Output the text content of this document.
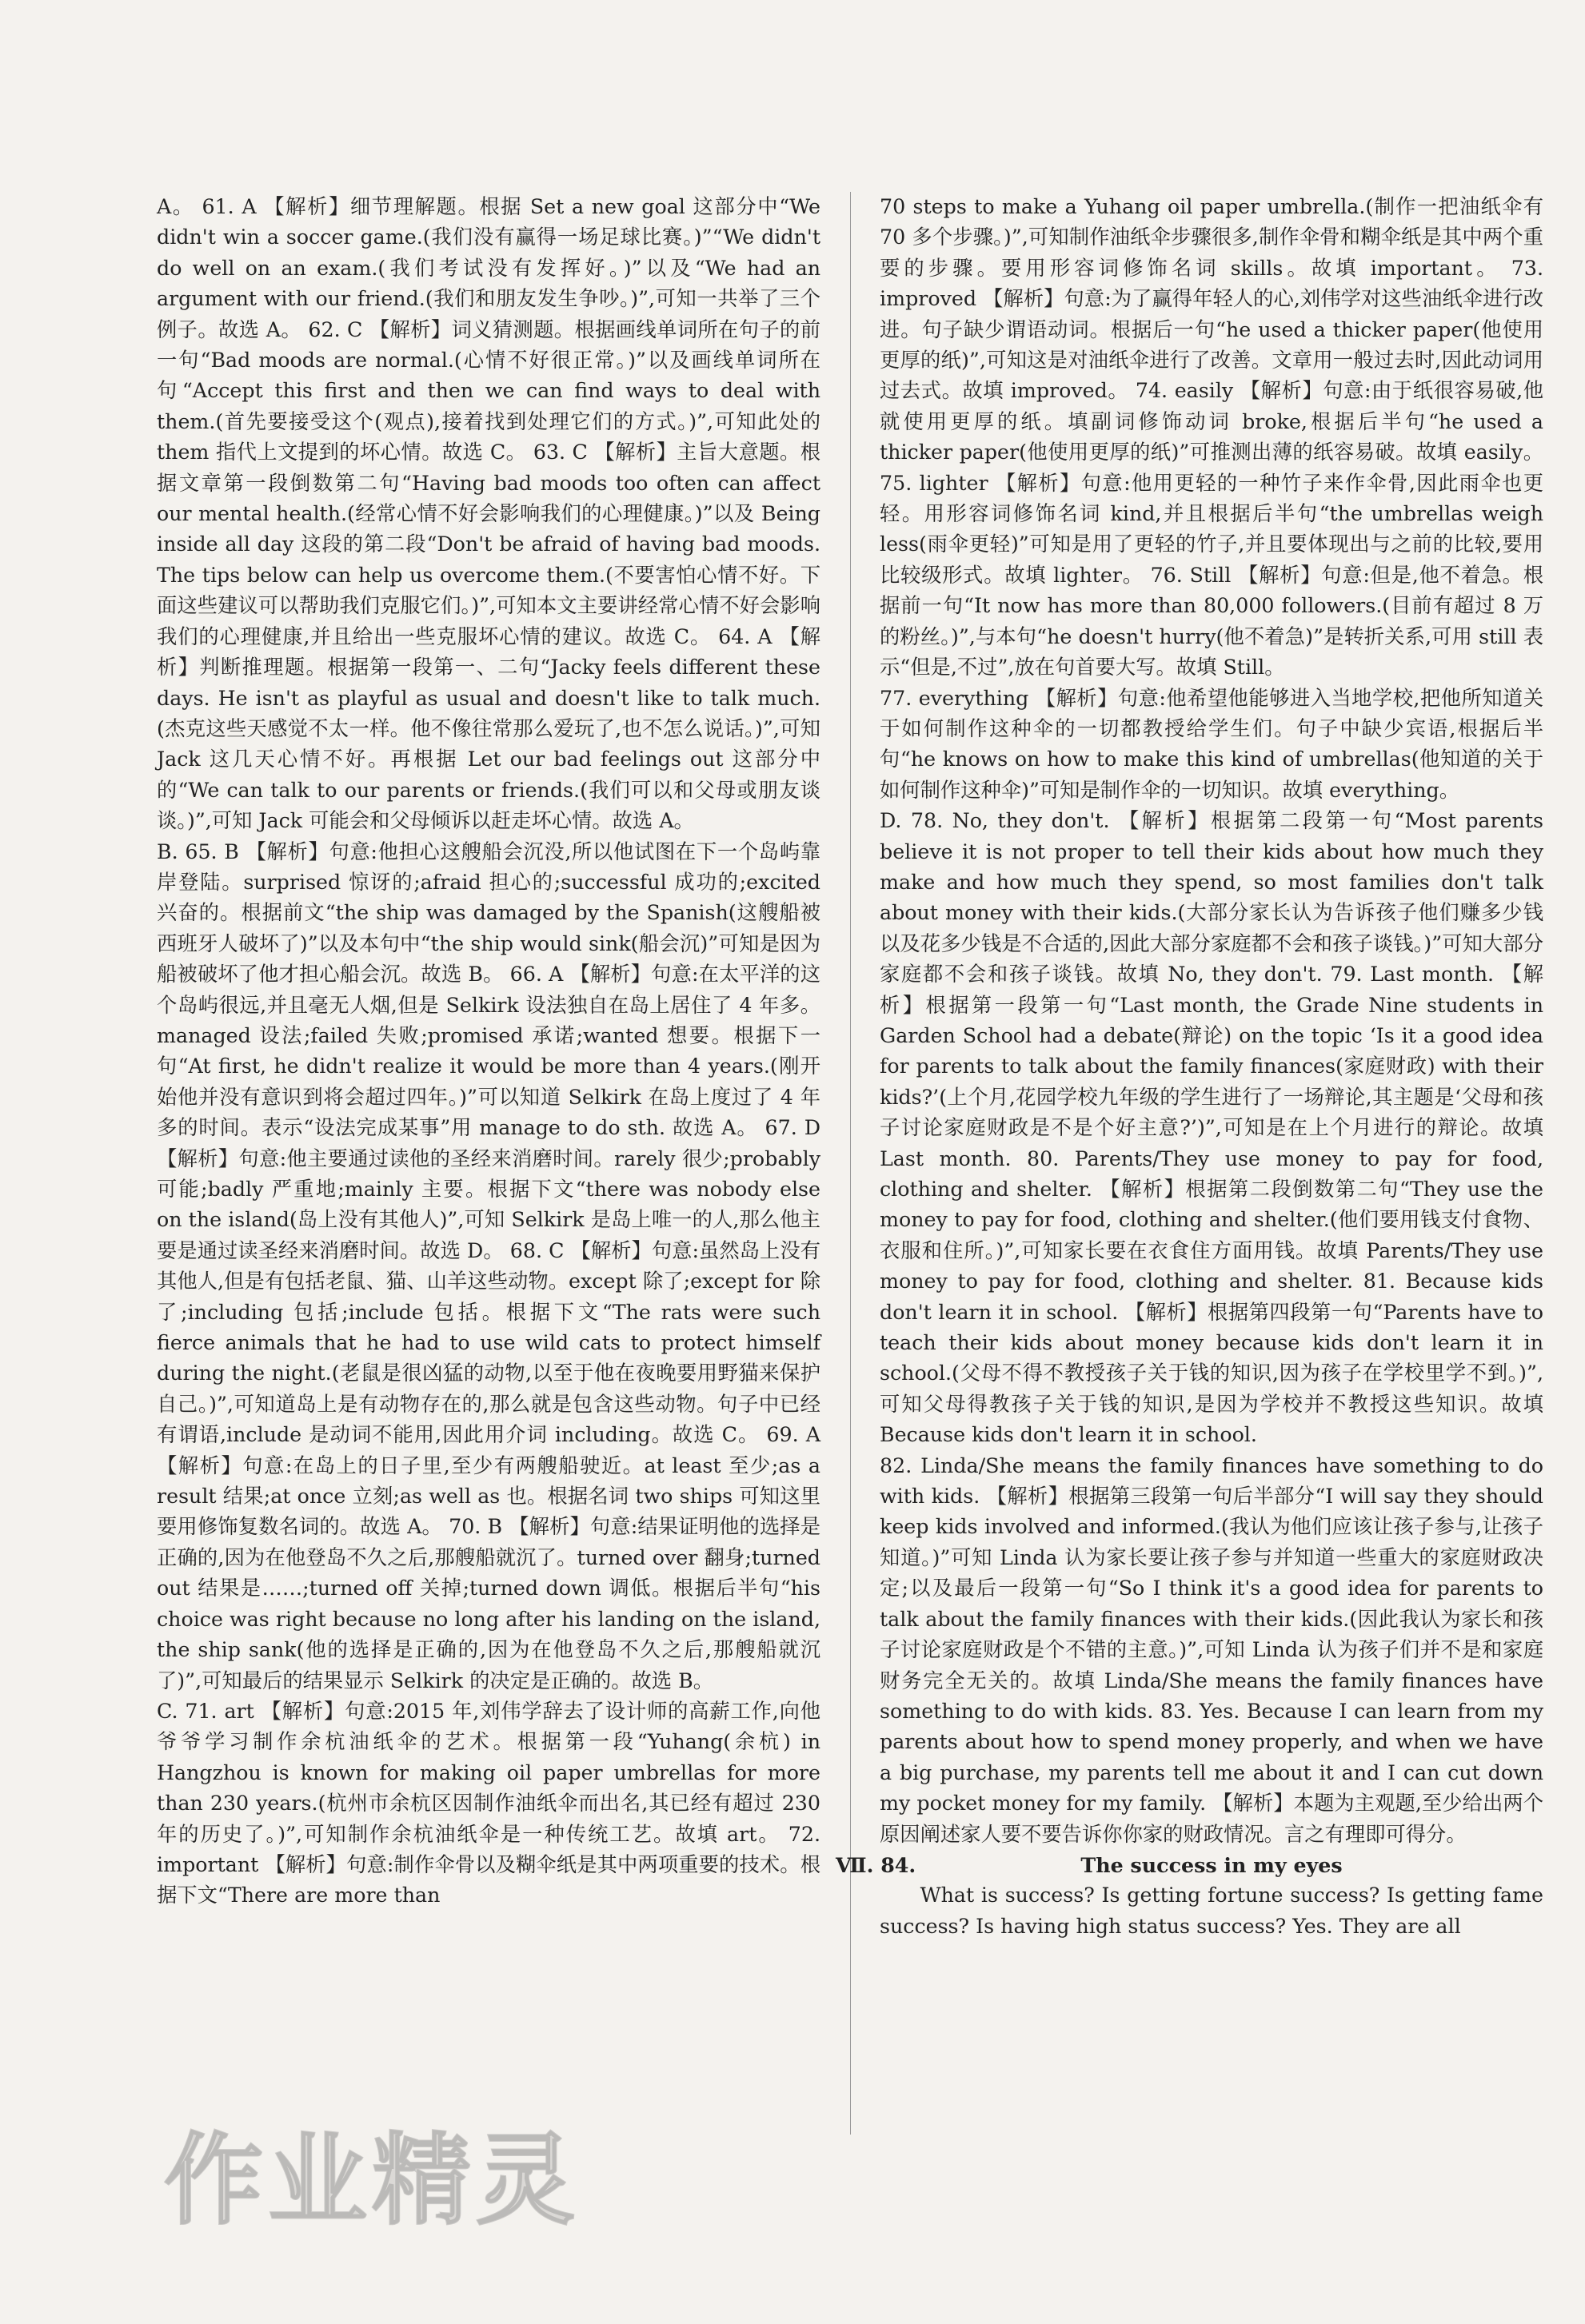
A。 61. A 【解析】细节理解题。根据 Set a new goal 这部分中“We didn't win a soccer game.(我们没有赢得一场足球比赛。)”“We didn't do well on an exam.(我们考试没有发挥好。)”以及“We had an argument with our friend.(我们和朋友发生争吵。)”,可知一共举了三个例子。故选 A。 62. C 【解析】词义猜测题。根据画线单词所在句子的前一句“Bad moods are normal.(心情不好很正常。)”以及画线单词所在句“Accept this first and then we can find ways to deal with them.(首先要接受这个(观点),接着找到处理它们的方式。)”,可知此处的 them 指代上文提到的坏心情。故选 C。 63. C 【解析】主旨大意题。根据文章第一段倒数第二句“Having bad moods too often can affect our mental health.(经常心情不好会影响我们的心理健康。)”以及 Being inside all day 这段的第二段“Don't be afraid of having bad moods. The tips below can help us overcome them.(不要害怕心情不好。下面这些建议可以帮助我们克服它们。)”,可知本文主要讲经常心情不好会影响我们的心理健康,并且给出一些克服坏心情的建议。故选 C。 64. A 【解析】判断推理题。根据第一段第一、二句“Jacky feels different these days. He isn't as playful as usual and doesn't like to talk much.(杰克这些天感觉不太一样。他不像往常那么爱玩了,也不怎么说话。)”,可知 Jack 这几天心情不好。再根据 Let our bad feelings out 这部分中的“We can talk to our parents or friends.(我们可以和父母或朋友谈谈。)”,可知 Jack 可能会和父母倾诉以赶走坏心情。故选 A。

B. 65. B 【解析】句意:他担心这艘船会沉没,所以他试图在下一个岛屿靠岸登陆。surprised 惊讶的;afraid 担心的;successful 成功的;excited 兴奋的。根据前文“the ship was damaged by the Spanish(这艘船被西班牙人破坏了)”以及本句中“the ship would sink(船会沉)”可知是因为船被破坏了他才担心船会沉。故选 B。 66. A 【解析】句意:在太平洋的这个岛屿很远,并且毫无人烟,但是 Selkirk 设法独自在岛上居住了 4 年多。managed 设法;failed 失败;promised 承诺;wanted 想要。根据下一句“At first, he didn't realize it would be more than 4 years.(刚开始他并没有意识到将会超过四年。)”可以知道 Selkirk 在岛上度过了 4 年多的时间。表示“设法完成某事”用 manage to do sth. 故选 A。 67. D 【解析】句意:他主要通过读他的圣经来消磨时间。rarely 很少;probably 可能;badly 严重地;mainly 主要。根据下文“there was nobody else on the island(岛上没有其他人)”,可知 Selkirk 是岛上唯一的人,那么他主要是通过读圣经来消磨时间。故选 D。 68. C 【解析】句意:虽然岛上没有其他人,但是有包括老鼠、猫、山羊这些动物。except 除了;except for 除了;including 包括;include 包括。根据下文“The rats were such fierce animals that he had to use wild cats to protect himself during the night.(老鼠是很凶猛的动物,以至于他在夜晚要用野猫来保护自己。)”,可知道岛上是有动物存在的,那么就是包含这些动物。句子中已经有谓语,include 是动词不能用,因此用介词 including。故选 C。 69. A 【解析】句意:在岛上的日子里,至少有两艘船驶近。at least 至少;as a result 结果;at once 立刻;as well as 也。根据名词 two ships 可知这里要用修饰复数名词的。故选 A。 70. B 【解析】句意:结果证明他的选择是正确的,因为在他登岛不久之后,那艘船就沉了。turned over 翻身;turned out 结果是……;turned off 关掉;turned down 调低。根据后半句“his choice was right because no long after his landing on the island, the ship sank(他的选择是正确的,因为在他登岛不久之后,那艘船就沉了)”,可知最后的结果显示 Selkirk 的决定是正确的。故选 B。

C. 71. art 【解析】句意:2015 年,刘伟学辞去了设计师的高薪工作,向他爷爷学习制作余杭油纸伞的艺术。根据第一段“Yuhang(余杭) in Hangzhou is known for making oil paper umbrellas for more than 230 years.(杭州市余杭区因制作油纸伞而出名,其已经有超过 230 年的历史了。)”,可知制作余杭油纸伞是一种传统工艺。故填 art。 72. important 【解析】句意:制作伞骨以及糊伞纸是其中两项重要的技术。根据下文“There are more than

70 steps to make a Yuhang oil paper umbrella.(制作一把油纸伞有 70 多个步骤。)”,可知制作油纸伞步骤很多,制作伞骨和糊伞纸是其中两个重要的步骤。要用形容词修饰名词 skills。故填 important。 73. improved 【解析】句意:为了赢得年轻人的心,刘伟学对这些油纸伞进行改进。句子缺少谓语动词。根据后一句“he used a thicker paper(他使用更厚的纸)”,可知这是对油纸伞进行了改善。文章用一般过去时,因此动词用过去式。故填 improved。 74. easily 【解析】句意:由于纸很容易破,他就使用更厚的纸。填副词修饰动词 broke,根据后半句“he used a thicker paper(他使用更厚的纸)”可推测出薄的纸容易破。故填 easily。 75. lighter 【解析】句意:他用更轻的一种竹子来作伞骨,因此雨伞也更轻。用形容词修饰名词 kind,并且根据后半句“the umbrellas weigh less(雨伞更轻)”可知是用了更轻的竹子,并且要体现出与之前的比较,要用比较级形式。故填 lighter。 76. Still 【解析】句意:但是,他不着急。根据前一句“It now has more than 80,000 followers.(目前有超过 8 万的粉丝。)”,与本句“he doesn't hurry(他不着急)”是转折关系,可用 still 表示“但是,不过”,放在句首要大写。故填 Still。

77. everything 【解析】句意:他希望他能够进入当地学校,把他所知道关于如何制作这种伞的一切都教授给学生们。句子中缺少宾语,根据后半句“he knows on how to make this kind of umbrellas(他知道的关于如何制作这种伞)”可知是制作伞的一切知识。故填 everything。

D. 78. No, they don't. 【解析】根据第二段第一句“Most parents believe it is not proper to tell their kids about how much they make and how much they spend, so most families don't talk about money with their kids.(大部分家长认为告诉孩子他们赚多少钱以及花多少钱是不合适的,因此大部分家庭都不会和孩子谈钱。)”可知大部分家庭都不会和孩子谈钱。故填 No, they don't. 79. Last month. 【解析】根据第一段第一句“Last month, the Grade Nine students in Garden School had a debate(辩论) on the topic ‘Is it a good idea for parents to talk about the family finances(家庭财政) with their kids?’(上个月,花园学校九年级的学生进行了一场辩论,其主题是‘父母和孩子讨论家庭财政是不是个好主意?’)”,可知是在上个月进行的辩论。故填 Last month. 80. Parents/They use money to pay for food, clothing and shelter. 【解析】根据第二段倒数第二句“They use the money to pay for food, clothing and shelter.(他们要用钱支付食物、衣服和住所。)”,可知家长要在衣食住方面用钱。故填 Parents/They use money to pay for food, clothing and shelter. 81. Because kids don't learn it in school. 【解析】根据第四段第一句“Parents have to teach their kids about money because kids don't learn it in school.(父母不得不教授孩子关于钱的知识,因为孩子在学校里学不到。)”,可知父母得教孩子关于钱的知识,是因为学校并不教授这些知识。故填 Because kids don't learn it in school.

82. Linda/She means the family finances have something to do with kids. 【解析】根据第三段第一句后半部分“I will say they should keep kids involved and informed.(我认为他们应该让孩子参与,让孩子知道。)”可知 Linda 认为家长要让孩子参与并知道一些重大的家庭财政决定;以及最后一段第一句“So I think it's a good idea for parents to talk about the family finances with their kids.(因此我认为家长和孩子讨论家庭财政是个不错的主意。)”,可知 Linda 认为孩子们并不是和家庭财务完全无关的。故填 Linda/She means the family finances have something to do with kids. 83. Yes. Because I can learn from my parents about how to spend money properly, and when we have a big purchase, my parents tell me about it and I can cut down my pocket money for my family. 【解析】本题为主观题,至少给出两个原因阐述家人要不要告诉你你家的财政情况。言之有理即可得分。

Ⅶ. 84.	The success in my eyes

What is success? Is getting fortune success? Is getting fame success? Is having high status success? Yes. They are all

作业精灵
